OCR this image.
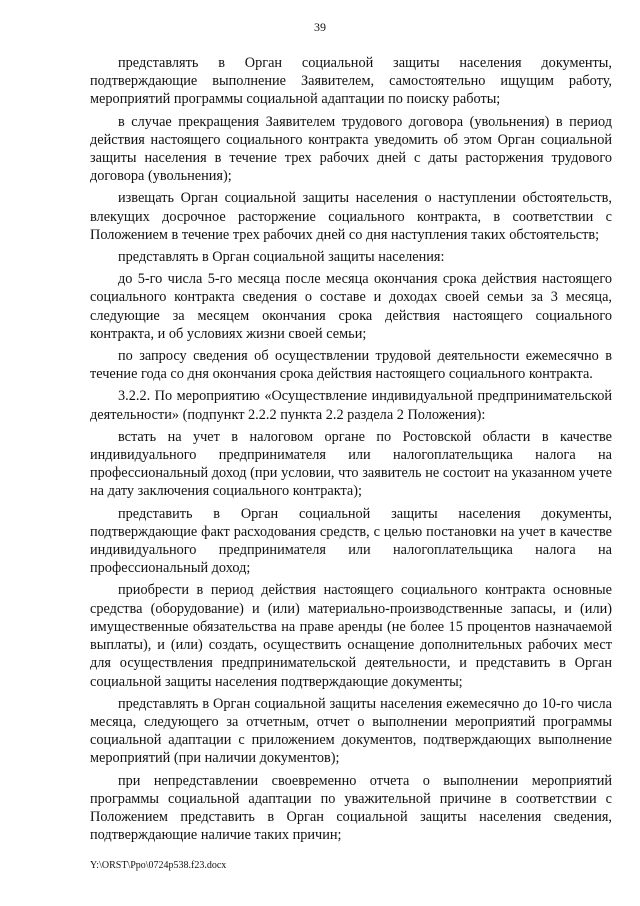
39

представлять в Орган социальной защиты населения документы, подтверждающие выполнение Заявителем, самостоятельно ищущим работу, мероприятий программы социальной адаптации по поиску работы;

в случае прекращения Заявителем трудового договора (увольнения) в период действия настоящего социального контракта уведомить об этом Орган социальной защиты населения в течение трех рабочих дней с даты расторжения трудового договора (увольнения);

извещать Орган социальной защиты населения о наступлении обстоятельств, влекущих досрочное расторжение социального контракта, в соответствии с Положением в течение трех рабочих дней со дня наступления таких обстоятельств;

представлять в Орган социальной защиты населения:

до 5-го числа 5-го месяца после месяца окончания срока действия настоящего социального контракта сведения о составе и доходах своей семьи за 3 месяца, следующие за месяцем окончания срока действия настоящего социального контракта, и об условиях жизни своей семьи;

по запросу сведения об осуществлении трудовой деятельности ежемесячно в течение года со дня окончания срока действия настоящего социального контракта.

3.2.2. По мероприятию «Осуществление индивидуальной предпринимательской деятельности» (подпункт 2.2.2 пункта 2.2 раздела 2 Положения):

встать на учет в налоговом органе по Ростовской области в качестве индивидуального предпринимателя или налогоплательщика налога на профессиональный доход (при условии, что заявитель не состоит на указанном учете на дату заключения социального контракта);

представить в Орган социальной защиты населения документы, подтверждающие факт расходования средств, с целью постановки на учет в качестве индивидуального предпринимателя или налогоплательщика налога на профессиональный доход;

приобрести в период действия настоящего социального контракта основные средства (оборудование) и (или) материально-производственные запасы, и (или) имущественные обязательства на праве аренды (не более 15 процентов назначаемой выплаты), и (или) создать, осуществить оснащение дополнительных рабочих мест для осуществления предпринимательской деятельности, и представить в Орган социальной защиты населения подтверждающие документы;

представлять в Орган социальной защиты населения ежемесячно до 10-го числа месяца, следующего за отчетным, отчет о выполнении мероприятий программы социальной адаптации с приложением документов, подтверждающих выполнение мероприятий (при наличии документов);

при непредставлении своевременно отчета о выполнении мероприятий программы социальной адаптации по уважительной причине в соответствии с Положением представить в Орган социальной защиты населения сведения, подтверждающие наличие таких причин;

Y:\ORST\Ppo\0724p538.f23.docx
